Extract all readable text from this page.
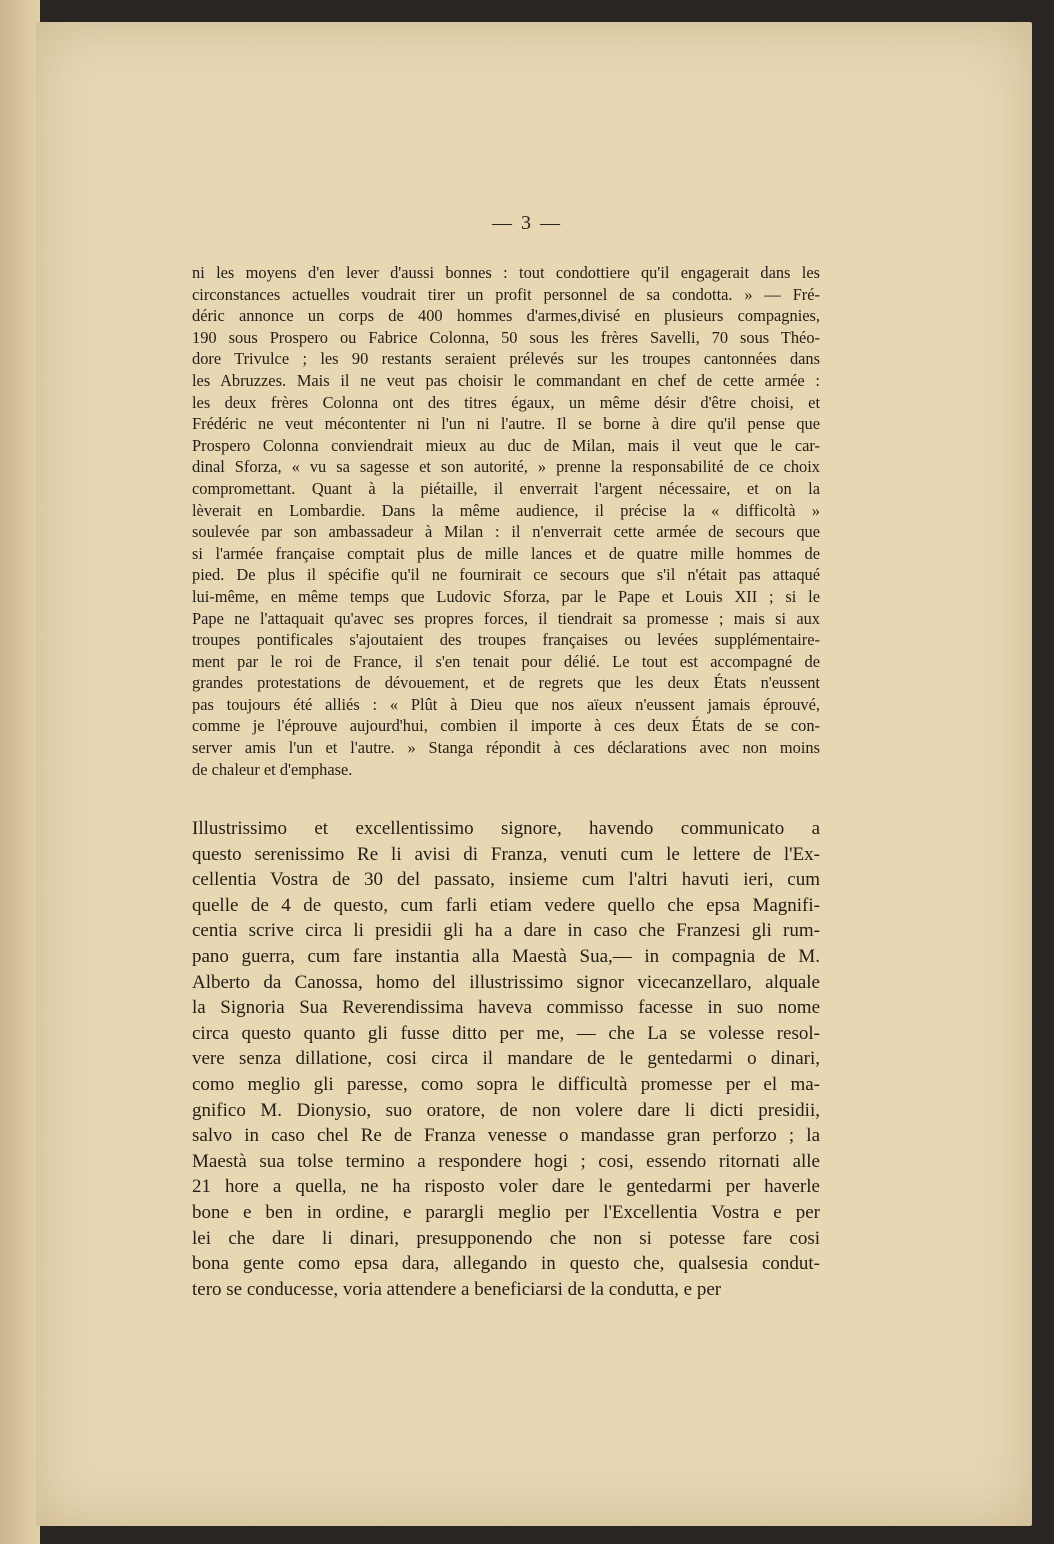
— 3 —

ni les moyens d'en lever d'aussi bonnes : tout condottiere qu'il engagerait dans les
circonstances actuelles voudrait tirer un profit personnel de sa condotta. » — Fré-
déric annonce un corps de 400 hommes d'armes,divisé en plusieurs compagnies,
190 sous Prospero ou Fabrice Colonna, 50 sous les frères Savelli, 70 sous Théo-
dore Trivulce ; les 90 restants seraient prélevés sur les troupes cantonnées dans
les Abruzzes. Mais il ne veut pas choisir le commandant en chef de cette armée :
les deux frères Colonna ont des titres égaux, un même désir d'être choisi, et
Frédéric ne veut mécontenter ni l'un ni l'autre. Il se borne à dire qu'il pense que
Prospero Colonna conviendrait mieux au duc de Milan, mais il veut que le car-
dinal Sforza, « vu sa sagesse et son autorité, » prenne la responsabilité de ce choix
compromettant. Quant à la piétaille, il enverrait l'argent nécessaire, et on la
lèverait en Lombardie. Dans la même audience, il précise la « difficoltà »
soulevée par son ambassadeur à Milan : il n'enverrait cette armée de secours que
si l'armée française comptait plus de mille lances et de quatre mille hommes de
pied. De plus il spécifie qu'il ne fournirait ce secours que s'il n'était pas attaqué
lui-même, en même temps que Ludovic Sforza, par le Pape et Louis XII ; si le
Pape ne l'attaquait qu'avec ses propres forces, il tiendrait sa promesse ; mais si aux
troupes pontificales s'ajoutaient des troupes françaises ou levées supplémentaire-
ment par le roi de France, il s'en tenait pour délié. Le tout est accompagné de
grandes protestations de dévouement, et de regrets que les deux États n'eussent
pas toujours été alliés : « Plût à Dieu que nos aïeux n'eussent jamais éprouvé,
comme je l'éprouve aujourd'hui, combien il importe à ces deux États de se con-
server amis l'un et l'autre. » Stanga répondit à ces déclarations avec non moins
de chaleur et d'emphase.

Illustrissimo et excellentissimo signore, havendo communicato a
questo serenissimo Re li avisi di Franza, venuti cum le lettere de l'Ex-
cellentia Vostra de 30 del passato, insieme cum l'altri havuti ieri, cum
quelle de 4 de questo, cum farli etiam vedere quello che epsa Magnifi-
centia scrive circa li presidii gli ha a dare in caso che Franzesi gli rum-
pano guerra, cum fare instantia alla Maestà Sua,— in compagnia de M.
Alberto da Canossa, homo del illustrissimo signor vicecanzellaro, alquale
la Signoria Sua Reverendissima haveva commisso facesse in suo nome
circa questo quanto gli fusse ditto per me, — che La se volesse resol-
vere senza dillatione, cosi circa il mandare de le gentedarmi o dinari,
como meglio gli paresse, como sopra le difficultà promesse per el ma-
gnifico M. Dionysio, suo oratore, de non volere dare li dicti presidii,
salvo in caso chel Re de Franza venesse o mandasse gran perforzo ; la
Maestà sua tolse termino a respondere hogi ; cosi, essendo ritornati alle
21 hore a quella, ne ha risposto voler dare le gentedarmi per haverle
bone e ben in ordine, e parargli meglio per l'Excellentia Vostra e per
lei che dare li dinari, presupponendo che non si potesse fare cosi
bona gente como epsa dara, allegando in questo che, qualsesia condut-
tero se conducesse, voria attendere a beneficiarsi de la condutta, e per
